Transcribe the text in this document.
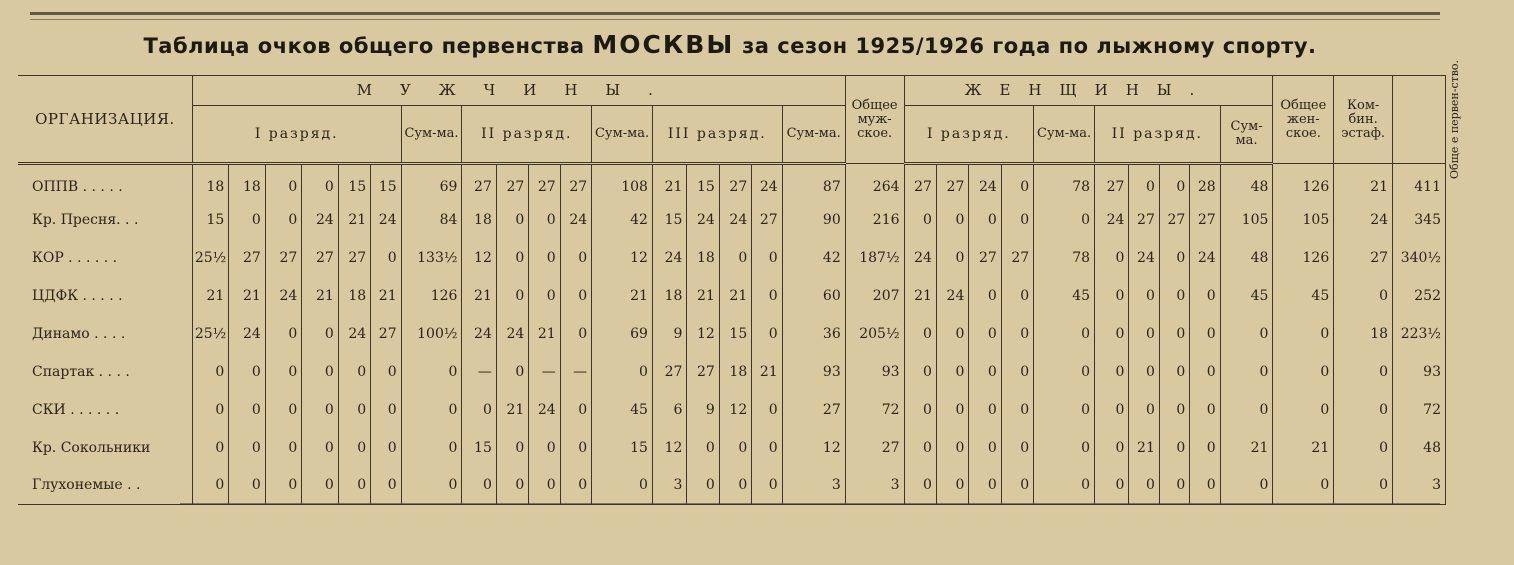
Таблица очков общего первенства МОСКВЫ за сезон 1925/1926 года по лыжному спорту.
ОРГАНИЗАЦИЯ.	МУЖЧИНЫ.																	Общее муж-ское.	ЖЕНЩИНЫ.										Общее жен-ское.	Ком-бин. эстаф.	Обще е первен-ство.
	I разряд.						Сум-ма.	II разряд.				Сум-ма.	III разряд.				Сум-ма.		I разряд.				Сум-ма.	II разряд.				Сум-ма.			
ОППВ . . . . .	18	18	0	0	15	15	69	27	27	27	27	108	21	15	27	24	87	264	27	27	24	0	78	27	0	0	28	48	126	21	411
Кр. Пресня. . .	15	0	0	24	21	24	84	18	0	0	24	42	15	24	24	27	90	216	0	0	0	0	0	24	27	27	27	105	105	24	345
КОР . . . . . .	25½	27	27	27	27	0	133½	12	0	0	0	12	24	18	0	0	42	187½	24	0	27	27	78	0	24	0	24	48	126	27	340½
ЦДФК . . . . .	21	21	24	21	18	21	126	21	0	0	0	21	18	21	21	0	60	207	21	24	0	0	45	0	0	0	0	45	45	0	252
Динамо . . . .	25½	24	0	0	24	27	100½	24	24	21	0	69	9	12	15	0	36	205½	0	0	0	0	0	0	0	0	0	0	0	18	223½
Спартак . . . .	0	0	0	0	0	0	0	—	0	—	—	0	27	27	18	21	93	93	0	0	0	0	0	0	0	0	0	0	0	0	93
СКИ . . . . . .	0	0	0	0	0	0	0	0	21	24	0	45	6	9	12	0	27	72	0	0	0	0	0	0	0	0	0	0	0	0	72
Кр. Сокольники	0	0	0	0	0	0	0	15	0	0	0	15	12	0	0	0	12	27	0	0	0	0	0	0	21	0	0	21	21	0	48
Глухонемые . .	0	0	0	0	0	0	0	0	0	0	0	0	3	0	0	0	3	3	0	0	0	0	0	0	0	0	0	0	0	0	3
